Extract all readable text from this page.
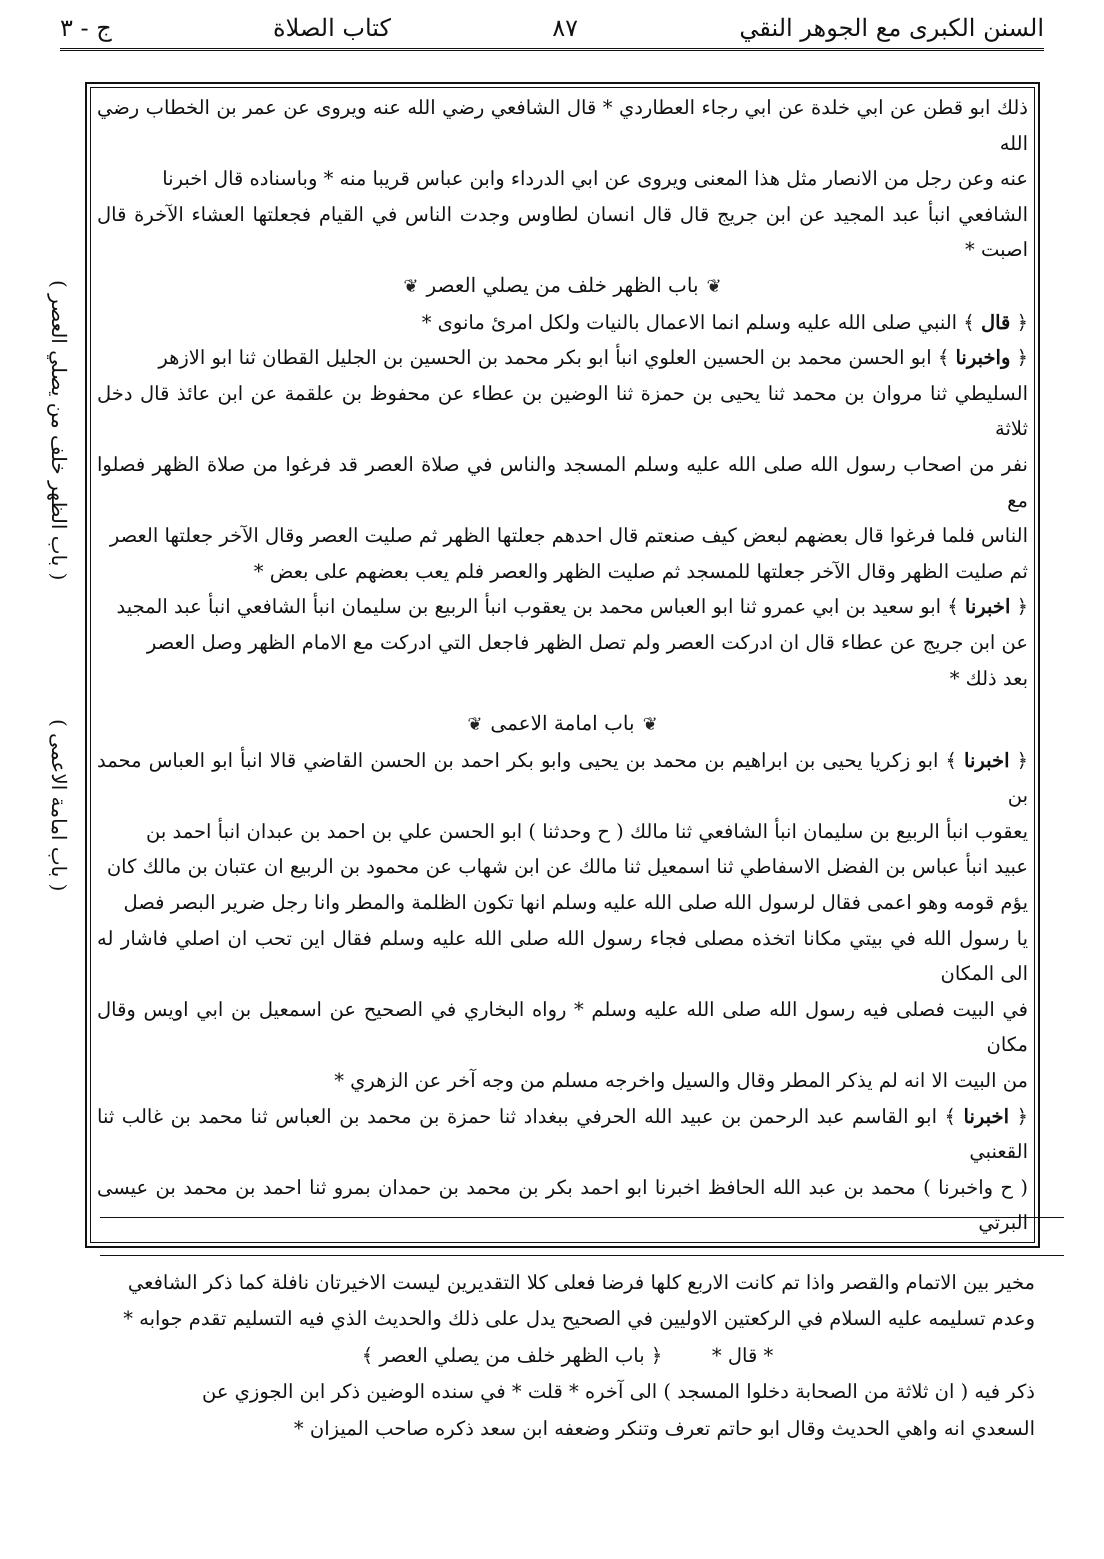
السنن الكبرى مع الجوهر النقي
٨٧
كتاب الصلاة
ج - ٣
( باب الظهر خلف من يصلي العصر )
( باب امامة الاعمى )

ذلك ابو قطن عن ابي خلدة عن ابي رجاء العطاردي * قال الشافعي رضي الله عنه ويروى عن عمر بن الخطاب رضي الله

عنه وعن رجل من الانصار مثل هذا المعنى ويروى عن ابي الدرداء وابن عباس قريبا منه * وباسناده قال اخبرنا

الشافعي انبأ عبد المجيد عن ابن جريج قال قال انسان لطاوس وجدت الناس في القيام فجعلتها العشاء الآخرة قال اصبت *

❦باب الظهر خلف من يصلي العصر❦

﴿ قال ﴾ النبي صلى الله عليه وسلم انما الاعمال بالنيات ولكل امرئ مانوى *

﴿ واخبرنا ﴾ ابو الحسن محمد بن الحسين العلوي انبأ ابو بكر محمد بن الحسين بن الجليل القطان ثنا ابو الازهر

السليطي ثنا مروان بن محمد ثنا يحيى بن حمزة ثنا الوضين بن عطاء عن محفوظ بن علقمة عن ابن عائذ قال دخل ثلاثة

نفر من اصحاب رسول الله صلى الله عليه وسلم المسجد والناس في صلاة العصر قد فرغوا من صلاة الظهر فصلوا مع

الناس فلما فرغوا قال بعضهم لبعض كيف صنعتم قال احدهم جعلتها الظهر ثم صليت العصر وقال الآخر جعلتها العصر

ثم صليت الظهر وقال الآخر جعلتها للمسجد ثم صليت الظهر والعصر فلم يعب بعضهم على بعض *

﴿ اخبرنا ﴾ ابو سعيد بن ابي عمرو ثنا ابو العباس محمد بن يعقوب انبأ الربيع بن سليمان انبأ الشافعي انبأ عبد المجيد

عن ابن جريج عن عطاء قال ان ادركت العصر ولم تصل الظهر فاجعل التي ادركت مع الامام الظهر وصل العصر

بعد ذلك *

❦باب امامة الاعمى❦

﴿ اخبرنا ﴾ ابو زكريا يحيى بن ابراهيم بن محمد بن يحيى وابو بكر احمد بن الحسن القاضي قالا انبأ ابو العباس محمد بن

يعقوب انبأ الربيع بن سليمان انبأ الشافعي ثنا مالك ( ح وحدثنا ) ابو الحسن علي بن احمد بن عبدان انبأ احمد بن

عبيد انبأ عباس بن الفضل الاسفاطي ثنا اسمعيل ثنا مالك عن ابن شهاب عن محمود بن الربيع ان عتبان بن مالك كان

يؤم قومه وهو اعمى فقال لرسول الله صلى الله عليه وسلم انها تكون الظلمة والمطر وانا رجل ضرير البصر فصل

يا رسول الله في بيتي مكانا اتخذه مصلى فجاء رسول الله صلى الله عليه وسلم فقال اين تحب ان اصلي فاشار له الى المكان

في البيت فصلى فيه رسول الله صلى الله عليه وسلم * رواه البخاري في الصحيح عن اسمعيل بن ابي اويس وقال مكان

من البيت الا انه لم يذكر المطر وقال والسيل واخرجه مسلم من وجه آخر عن الزهري *

﴿ اخبرنا ﴾ ابو القاسم عبد الرحمن بن عبيد الله الحرفي ببغداد ثنا حمزة بن محمد بن العباس ثنا محمد بن غالب ثنا القعنبي

( ح واخبرنا ) محمد بن عبد الله الحافظ اخبرنا ابو احمد بكر بن محمد بن حمدان بمرو ثنا احمد بن محمد بن عيسى البرتي

مخير بين الاتمام والقصر واذا تم كانت الاربع كلها فرضا فعلى كلا التقديرين ليست الاخيرتان نافلة كما ذكر الشافعي

وعدم تسليمه عليه السلام في الركعتين الاوليين في الصحيح يدل على ذلك والحديث الذي فيه التسليم تقدم جوابه *

* قال *        ﴿ باب الظهر خلف من يصلي العصر ﴾

ذكر فيه ( ان ثلاثة من الصحابة دخلوا المسجد ) الى آخره * قلت * في سنده الوضين ذكر ابن الجوزي عن

السعدي انه واهي الحديث وقال ابو حاتم تعرف وتنكر وضعفه ابن سعد ذكره صاحب الميزان *
